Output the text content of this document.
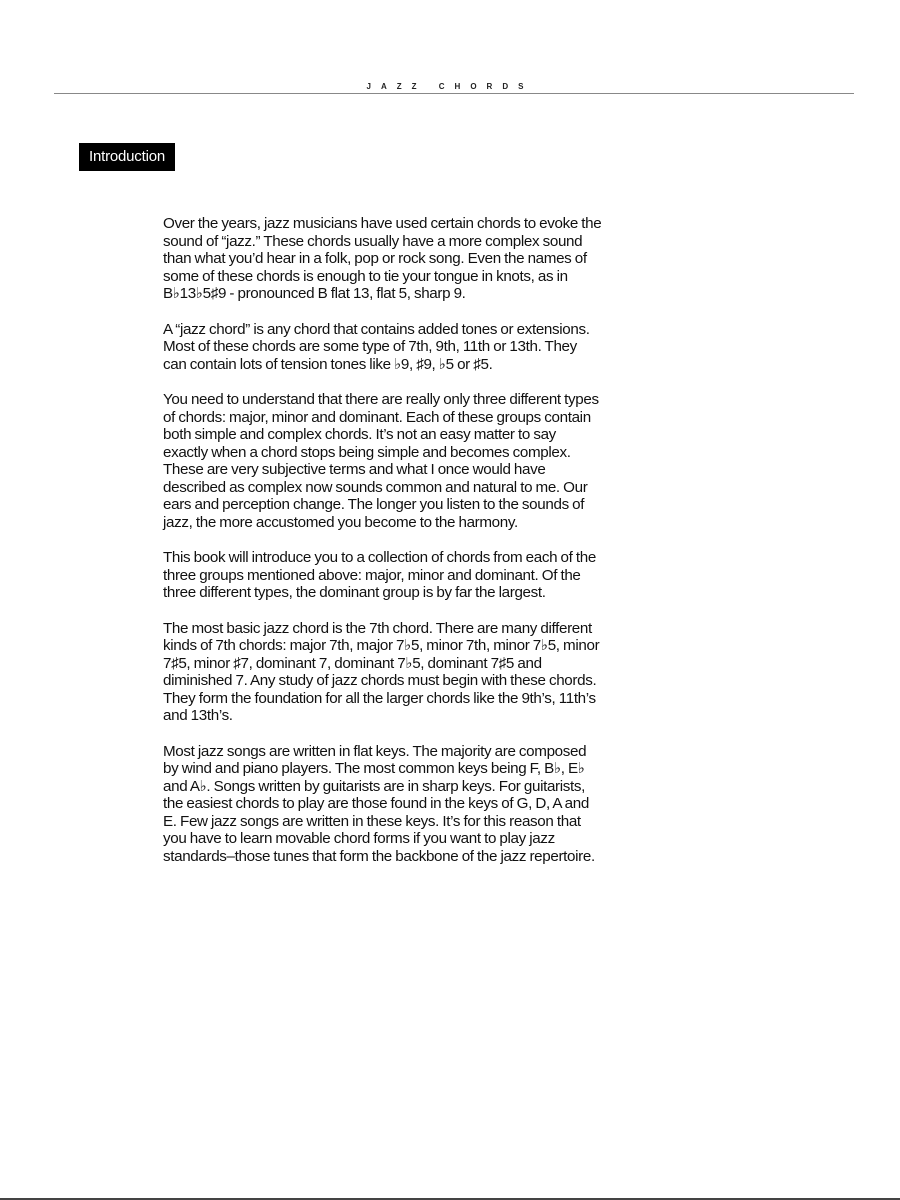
JAZZ CHORDS
Introduction

Over the years, jazz musicians have used certain chords to evoke the sound of “jazz.” These chords usually have a more complex sound than what you’d hear in a folk, pop or rock song. Even the names of some of these chords is enough to tie your tongue in knots, as in B♭13♭5♯9 - pronounced B flat 13, flat 5, sharp 9.

A “jazz chord” is any chord that contains added tones or extensions. Most of these chords are some type of 7th, 9th, 11th or 13th. They can contain lots of tension tones like ♭9, ♯9, ♭5 or ♯5.

You need to understand that there are really only three different types of chords: major, minor and dominant. Each of these groups contain both simple and complex chords. It’s not an easy matter to say exactly when a chord stops being simple and becomes complex. These are very subjective terms and what I once would have described as complex now sounds common and natural to me. Our ears and perception change. The longer you listen to the sounds of jazz, the more accustomed you become to the harmony.

This book will introduce you to a collection of chords from each of the three groups mentioned above: major, minor and dominant. Of the three different types, the dominant group is by far the largest.

The most basic jazz chord is the 7th chord. There are many different kinds of 7th chords: major 7th, major 7♭5, minor 7th, minor 7♭5, minor 7♯5, minor ♯7, dominant 7, dominant 7♭5, dominant 7♯5 and diminished 7. Any study of jazz chords must begin with these chords. They form the foundation for all the larger chords like the 9th’s, 11th’s and 13th’s.

Most jazz songs are written in flat keys. The majority are composed by wind and piano players. The most common keys being F, B♭, E♭ and A♭. Songs written by guitarists are in sharp keys. For guitarists, the easiest chords to play are those found in the keys of G, D, A and E. Few jazz songs are written in these keys. It’s for this reason that you have to learn movable chord forms if you want to play jazz standards–those tunes that form the backbone of the jazz repertoire.
